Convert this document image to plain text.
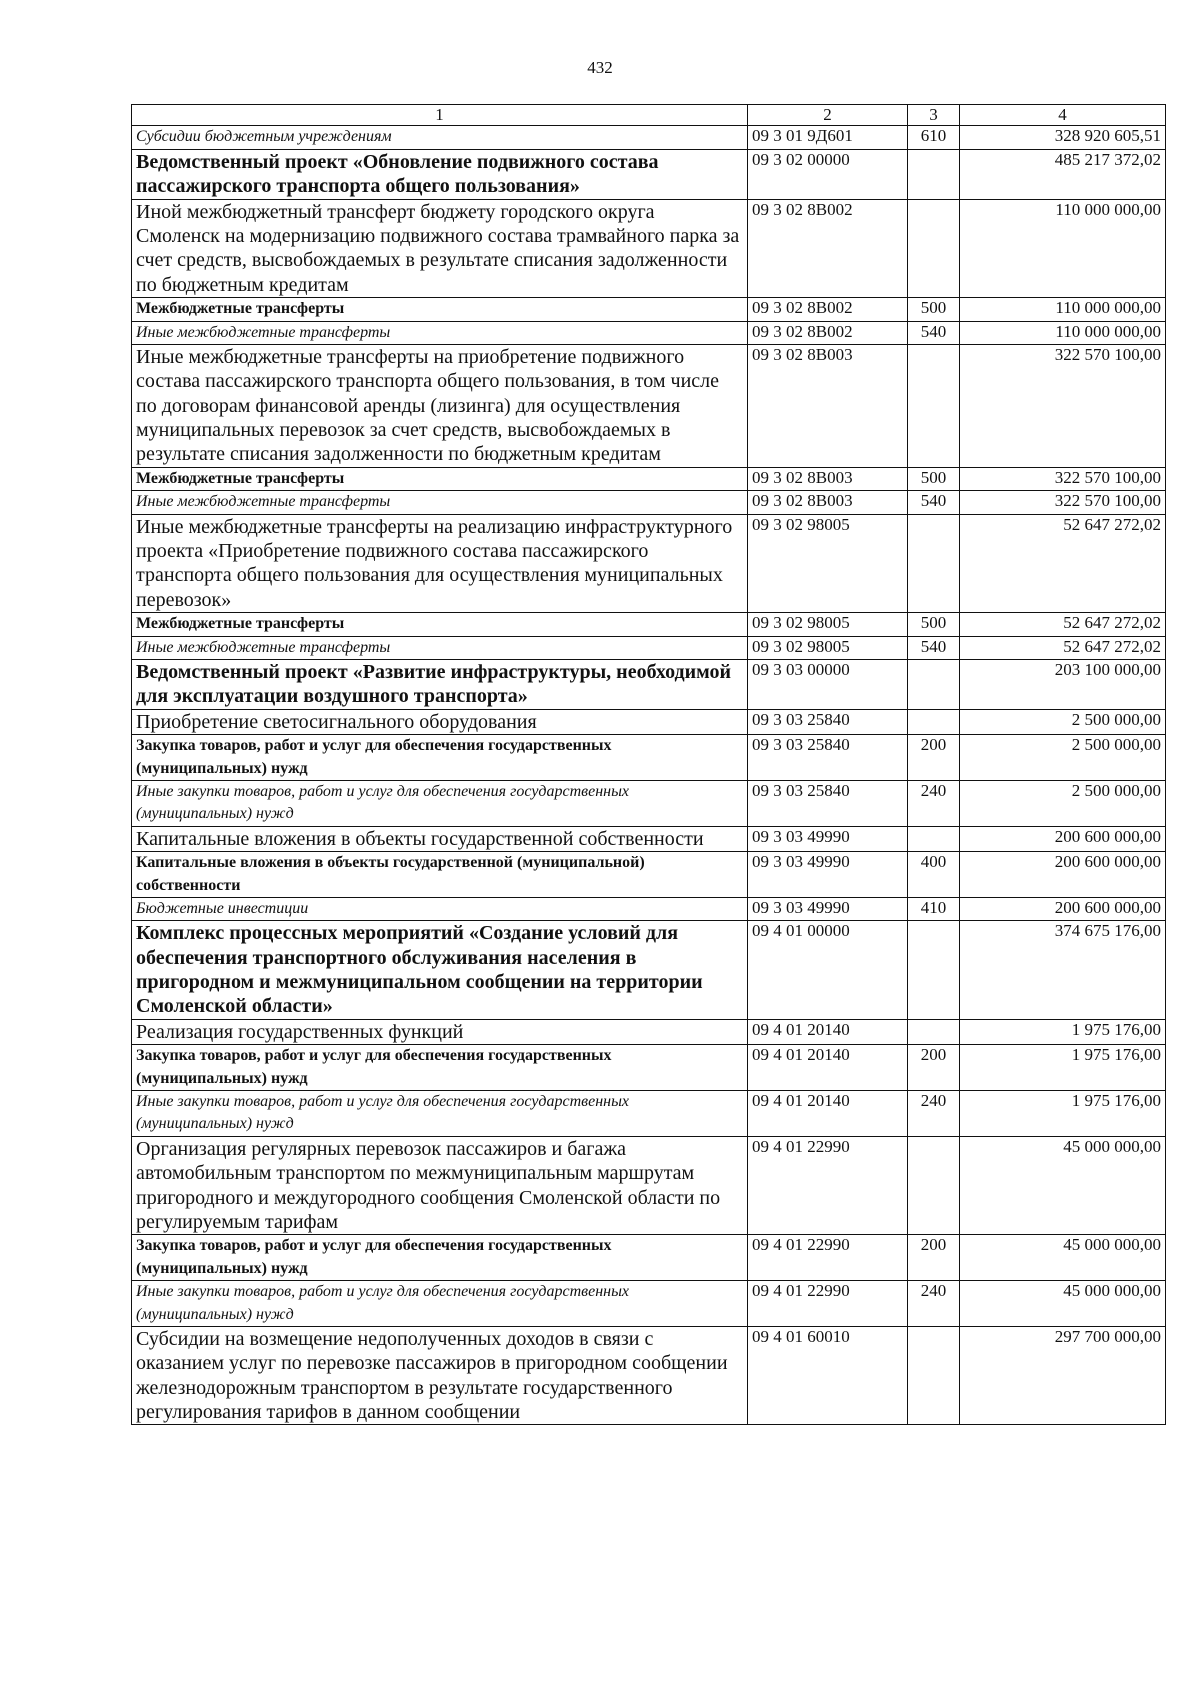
432
1	2	3	4
Субсидии бюджетным учреждениям	09 3 01 9Д601	610	328 920 605,51
Ведомственный проект «Обновление подвижного состава пассажирского транспорта общего пользования»	09 3 02 00000		485 217 372,02
Иной межбюджетный трансферт бюджету городского округа Смоленск на модернизацию подвижного состава трамвайного парка за счет средств, высвобождаемых в результате списания задолженности по бюджетным кредитам	09 3 02 8В002		110 000 000,00
Межбюджетные трансферты	09 3 02 8В002	500	110 000 000,00
Иные межбюджетные трансферты	09 3 02 8В002	540	110 000 000,00
Иные межбюджетные трансферты на приобретение подвижного состава пассажирского транспорта общего пользования, в том числе по договорам финансовой аренды (лизинга) для осуществления муниципальных перевозок за счет средств, высвобождаемых в результате списания задолженности по бюджетным кредитам	09 3 02 8В003		322 570 100,00
Межбюджетные трансферты	09 3 02 8В003	500	322 570 100,00
Иные межбюджетные трансферты	09 3 02 8В003	540	322 570 100,00
Иные межбюджетные трансферты на реализацию инфраструктурного проекта «Приобретение подвижного состава пассажирского транспорта общего пользования для осуществления муниципальных перевозок»	09 3 02 98005		52 647 272,02
Межбюджетные трансферты	09 3 02 98005	500	52 647 272,02
Иные межбюджетные трансферты	09 3 02 98005	540	52 647 272,02
Ведомственный проект «Развитие инфраструктуры, необходимой для эксплуатации воздушного транспорта»	09 3 03 00000		203 100 000,00
Приобретение светосигнального оборудования	09 3 03 25840		2 500 000,00
Закупка товаров, работ и услуг для обеспечения государственных (муниципальных) нужд	09 3 03 25840	200	2 500 000,00
Иные закупки товаров, работ и услуг для обеспечения государственных (муниципальных) нужд	09 3 03 25840	240	2 500 000,00
Капитальные вложения в объекты государственной собственности	09 3 03 49990		200 600 000,00
Капитальные вложения в объекты государственной (муниципальной) собственности	09 3 03 49990	400	200 600 000,00
Бюджетные инвестиции	09 3 03 49990	410	200 600 000,00
Комплекс процессных мероприятий «Создание условий для обеспечения транспортного обслуживания населения в пригородном и межмуниципальном сообщении на территории Смоленской области»	09 4 01 00000		374 675 176,00
Реализация государственных функций	09 4 01 20140		1 975 176,00
Закупка товаров, работ и услуг для обеспечения государственных (муниципальных) нужд	09 4 01 20140	200	1 975 176,00
Иные закупки товаров, работ и услуг для обеспечения государственных (муниципальных) нужд	09 4 01 20140	240	1 975 176,00
Организация регулярных перевозок пассажиров и багажа автомобильным транспортом по межмуниципальным маршрутам пригородного и междугородного сообщения Смоленской области по регулируемым тарифам	09 4 01 22990		45 000 000,00
Закупка товаров, работ и услуг для обеспечения государственных (муниципальных) нужд	09 4 01 22990	200	45 000 000,00
Иные закупки товаров, работ и услуг для обеспечения государственных (муниципальных) нужд	09 4 01 22990	240	45 000 000,00
Субсидии на возмещение недополученных доходов в связи с оказанием услуг по перевозке пассажиров в пригородном сообщении железнодорожным транспортом в результате государственного регулирования тарифов в данном сообщении	09 4 01 60010		297 700 000,00
